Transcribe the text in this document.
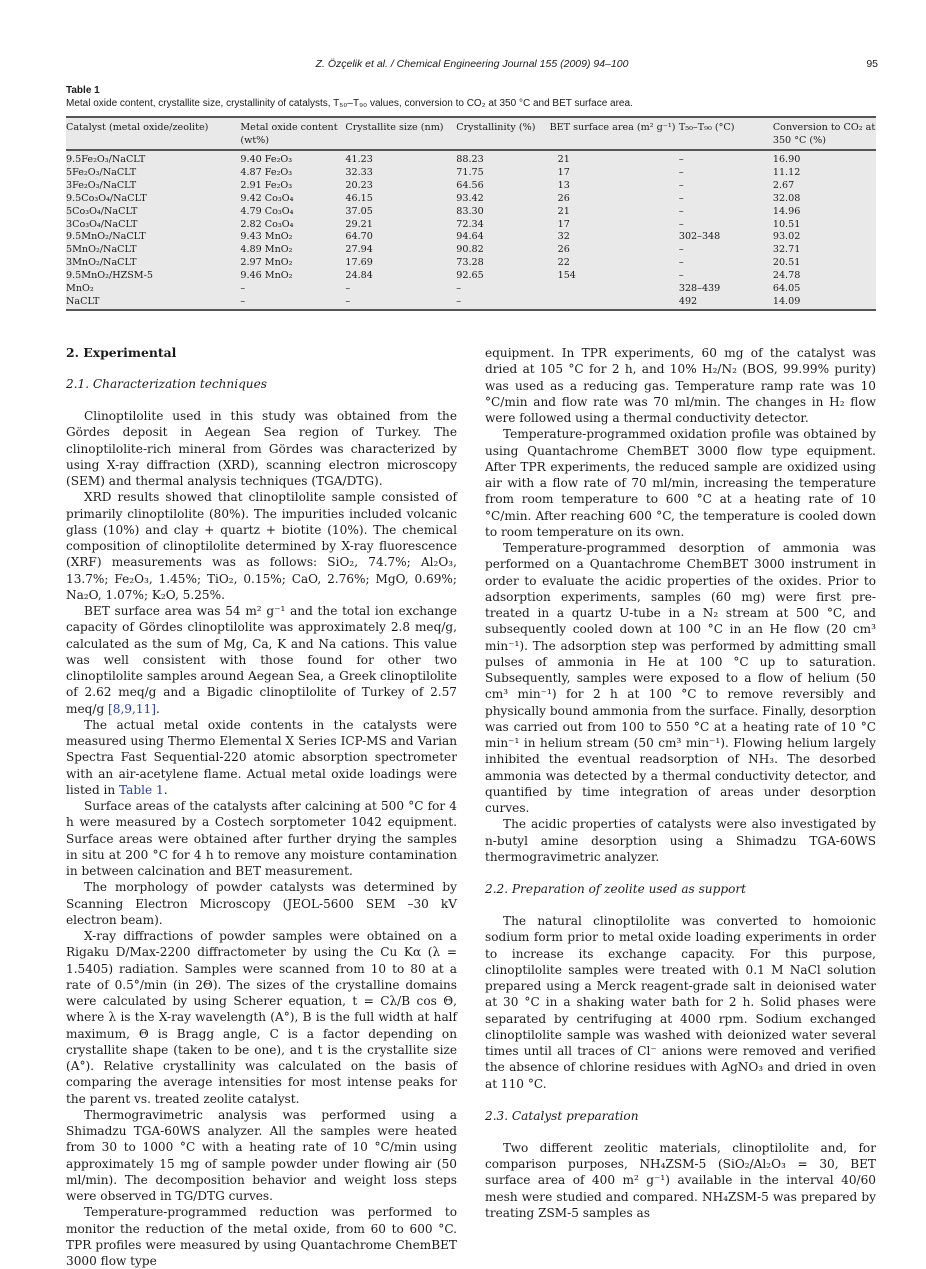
Z. Özçelik et al. / Chemical Engineering Journal 155 (2009) 94–100	95
Table 1
Metal oxide content, crystallite size, crystallinity of catalysts, T₅₀–T₉₀ values, conversion to CO₂ at 350 °C and BET surface area.
Catalyst (metal oxide/zeolite)	Metal oxide content (wt%)	Crystallite size (nm)	Crystallinity (%)	BET surface area (m² g⁻¹)	T₅₀–T₉₀ (°C)	Conversion to CO₂ at 350 °C (%)
9.5Fe₂O₃/NaCLT	9.40 Fe₂O₃	41.23	88.23	21	–	16.90
5Fe₂O₃/NaCLT	4.87 Fe₂O₃	32.33	71.75	17	–	11.12
3Fe₂O₃/NaCLT	2.91 Fe₂O₃	20.23	64.56	13	–	2.67
9.5Co₃O₄/NaCLT	9.42 Co₃O₄	46.15	93.42	26	–	32.08
5Co₃O₄/NaCLT	4.79 Co₃O₄	37.05	83.30	21	–	14.96
3Co₃O₄/NaCLT	2.82 Co₃O₄	29.21	72.34	17	–	10.51
9.5MnO₂/NaCLT	9.43 MnO₂	64.70	94.64	32	302–348	93.02
5MnO₂/NaCLT	4.89 MnO₂	27.94	90.82	26	–	32.71
3MnO₂/NaCLT	2.97 MnO₂	17.69	73.28	22	–	20.51
9.5MnO₂/HZSM-5	9.46 MnO₂	24.84	92.65	154	–	24.78
MnO₂	–	–	–		328–439	64.05
NaCLT	–	–	–		492	14.09
2. Experimental
2.1. Characterization techniques

Clinoptilolite used in this study was obtained from the Gördes deposit in Aegean Sea region of Turkey. The clinoptilolite-rich mineral from Gördes was characterized by using X-ray diffraction (XRD), scanning electron microscopy (SEM) and thermal analysis techniques (TGA/DTG).

XRD results showed that clinoptilolite sample consisted of primarily clinoptilolite (80%). The impurities included volcanic glass (10%) and clay + quartz + biotite (10%). The chemical composition of clinoptilolite determined by X-ray fluorescence (XRF) measurements was as follows: SiO₂, 74.7%; Al₂O₃, 13.7%; Fe₂O₃, 1.45%; TiO₂, 0.15%; CaO, 2.76%; MgO, 0.69%; Na₂O, 1.07%; K₂O, 5.25%.

BET surface area was 54 m² g⁻¹ and the total ion exchange capacity of Gördes clinoptilolite was approximately 2.8 meq/g, calculated as the sum of Mg, Ca, K and Na cations. This value was well consistent with those found for other two clinoptilolite samples around Aegean Sea, a Greek clinoptilolite of 2.62 meq/g and a Bigadic clinoptilolite of Turkey of 2.57 meq/g [8,9,11].

The actual metal oxide contents in the catalysts were measured using Thermo Elemental X Series ICP-MS and Varian Spectra Fast Sequential-220 atomic absorption spectrometer with an air-acetylene flame. Actual metal oxide loadings were listed in Table 1.

Surface areas of the catalysts after calcining at 500 °C for 4 h were measured by a Costech sorptometer 1042 equipment. Surface areas were obtained after further drying the samples in situ at 200 °C for 4 h to remove any moisture contamination in between calcination and BET measurement.

The morphology of powder catalysts was determined by Scanning Electron Microscopy (JEOL-5600 SEM –30 kV electron beam).

X-ray diffractions of powder samples were obtained on a Rigaku D/Max-2200 diffractometer by using the Cu Kα (λ = 1.5405) radiation. Samples were scanned from 10 to 80 at a rate of 0.5°/min (in 2Θ). The sizes of the crystalline domains were calculated by using Scherer equation, t = Cλ/B cos Θ, where λ is the X-ray wavelength (A°), B is the full width at half maximum, Θ is Bragg angle, C is a factor depending on crystallite shape (taken to be one), and t is the crystallite size (A°). Relative crystallinity was calculated on the basis of comparing the average intensities for most intense peaks for the parent vs. treated zeolite catalyst.

Thermogravimetric analysis was performed using a Shimadzu TGA-60WS analyzer. All the samples were heated from 30 to 1000 °C with a heating rate of 10 °C/min using approximately 15 mg of sample powder under flowing air (50 ml/min). The decomposition behavior and weight loss steps were observed in TG/DTG curves.

Temperature-programmed reduction was performed to monitor the reduction of the metal oxide, from 60 to 600 °C. TPR profiles were measured by using Quantachrome ChemBET 3000 flow type

equipment. In TPR experiments, 60 mg of the catalyst was dried at 105 °C for 2 h, and 10% H₂/N₂ (BOS, 99.99% purity) was used as a reducing gas. Temperature ramp rate was 10 °C/min and flow rate was 70 ml/min. The changes in H₂ flow were followed using a thermal conductivity detector.

Temperature-programmed oxidation profile was obtained by using Quantachrome ChemBET 3000 flow type equipment. After TPR experiments, the reduced sample are oxidized using air with a flow rate of 70 ml/min, increasing the temperature from room temperature to 600 °C at a heating rate of 10 °C/min. After reaching 600 °C, the temperature is cooled down to room temperature on its own.

Temperature-programmed desorption of ammonia was performed on a Quantachrome ChemBET 3000 instrument in order to evaluate the acidic properties of the oxides. Prior to adsorption experiments, samples (60 mg) were first pre-treated in a quartz U-tube in a N₂ stream at 500 °C, and subsequently cooled down at 100 °C in an He flow (20 cm³ min⁻¹). The adsorption step was performed by admitting small pulses of ammonia in He at 100 °C up to saturation. Subsequently, samples were exposed to a flow of helium (50 cm³ min⁻¹) for 2 h at 100 °C to remove reversibly and physically bound ammonia from the surface. Finally, desorption was carried out from 100 to 550 °C at a heating rate of 10 °C min⁻¹ in helium stream (50 cm³ min⁻¹). Flowing helium largely inhibited the eventual readsorption of NH₃. The desorbed ammonia was detected by a thermal conductivity detector, and quantified by time integration of areas under desorption curves.

The acidic properties of catalysts were also investigated by n-butyl amine desorption using a Shimadzu TGA-60WS thermogravimetric analyzer.

2.2. Preparation of zeolite used as support

The natural clinoptilolite was converted to homoionic sodium form prior to metal oxide loading experiments in order to increase its exchange capacity. For this purpose, clinoptilolite samples were treated with 0.1 M NaCl solution prepared using a Merck reagent-grade salt in deionised water at 30 °C in a shaking water bath for 2 h. Solid phases were separated by centrifuging at 4000 rpm. Sodium exchanged clinoptilolite sample was washed with deionized water several times until all traces of Cl⁻ anions were removed and verified the absence of chlorine residues with AgNO₃ and dried in oven at 110 °C.

2.3. Catalyst preparation

Two different zeolitic materials, clinoptilolite and, for comparison purposes, NH₄ZSM-5 (SiO₂/Al₂O₃ = 30, BET surface area of 400 m² g⁻¹) available in the interval 40/60 mesh were studied and compared. NH₄ZSM-5 was prepared by treating ZSM-5 samples as
